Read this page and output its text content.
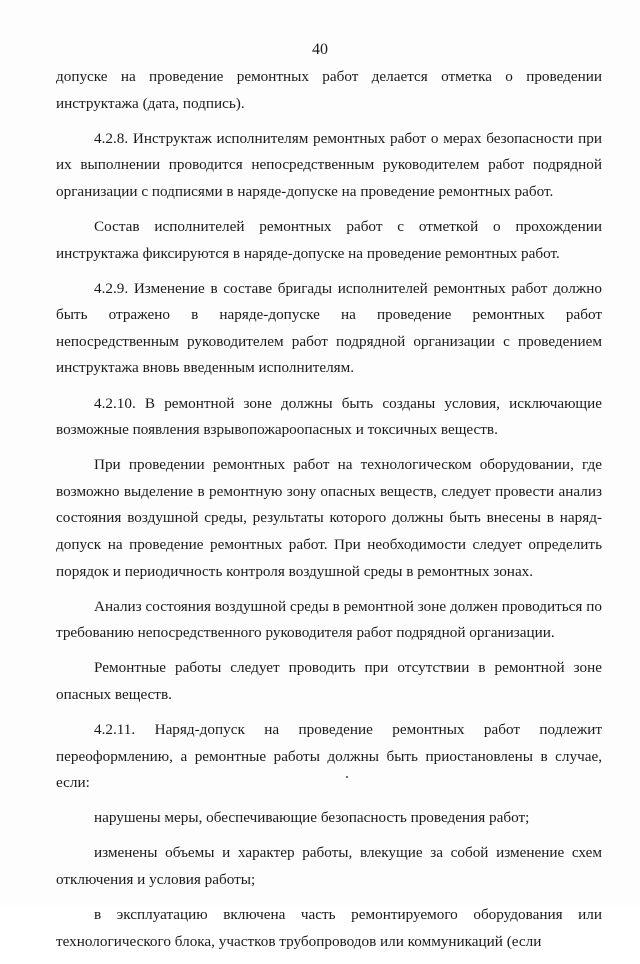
40

допуске на проведение ремонтных работ делается отметка о проведении инструктажа (дата, подпись).

4.2.8. Инструктаж исполнителям ремонтных работ о мерах безопасности при их выполнении проводится непосредственным руководителем работ подрядной организации с подписями в наряде-допуске на проведение ремонтных работ.

Состав исполнителей ремонтных работ с отметкой о прохождении инструктажа фиксируются в наряде-допуске на проведение ремонтных работ.

4.2.9. Изменение в составе бригады исполнителей ремонтных работ должно быть отражено в наряде-допуске на проведение ремонтных работ непосредственным руководителем работ подрядной организации с проведением инструктажа вновь введенным исполнителям.

4.2.10. В ремонтной зоне должны быть созданы условия, исключающие возможные появления взрывопожароопасных и токсичных веществ.

При проведении ремонтных работ на технологическом оборудовании, где возможно выделение в ремонтную зону опасных веществ, следует провести анализ состояния воздушной среды, результаты которого должны быть внесены в наряд-допуск на проведение ремонтных работ. При необходимости следует определить порядок и периодичность контроля воздушной среды в ремонтных зонах.

Анализ состояния воздушной среды в ремонтной зоне должен проводиться по требованию непосредственного руководителя работ подрядной организации.

Ремонтные работы следует проводить при отсутствии в ремонтной зоне опасных веществ.

4.2.11. Наряд-допуск на проведение ремонтных работ подлежит переоформлению, а ремонтные работы должны быть приостановлены в случае, если:

нарушены меры, обеспечивающие безопасность проведения работ;

изменены объемы и характер работы, влекущие за собой изменение схем отключения и условия работы;

в эксплуатацию включена часть ремонтируемого оборудования или технологического блока, участков трубопроводов или коммуникаций (если
